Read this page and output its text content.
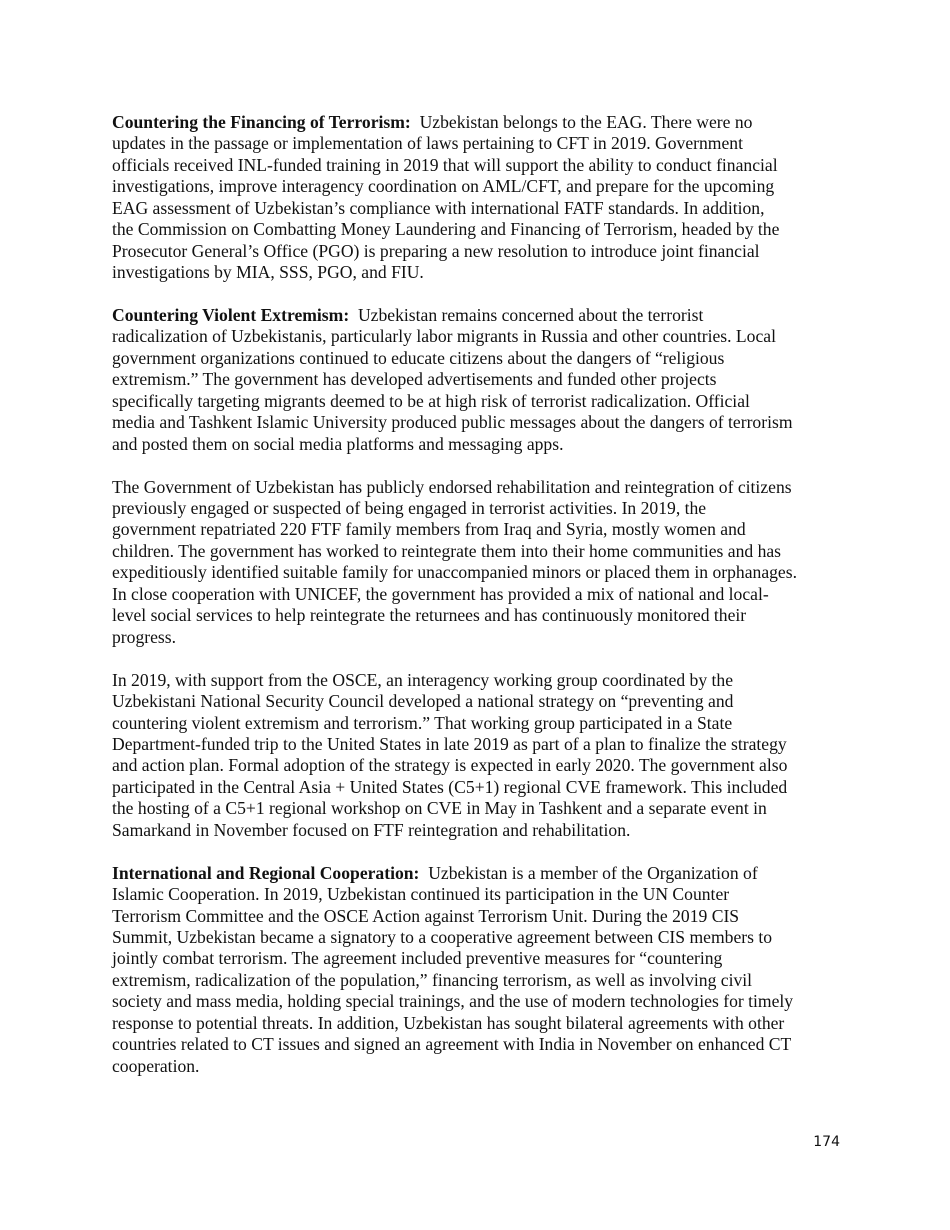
Countering the Financing of Terrorism: Uzbekistan belongs to the EAG. There were no
updates in the passage or implementation of laws pertaining to CFT in 2019. Government
officials received INL-funded training in 2019 that will support the ability to conduct financial
investigations, improve interagency coordination on AML/CFT, and prepare for the upcoming
EAG assessment of Uzbekistan’s compliance with international FATF standards. In addition,
the Commission on Combatting Money Laundering and Financing of Terrorism, headed by the
Prosecutor General’s Office (PGO) is preparing a new resolution to introduce joint financial
investigations by MIA, SSS, PGO, and FIU.
Countering Violent Extremism: Uzbekistan remains concerned about the terrorist
radicalization of Uzbekistanis, particularly labor migrants in Russia and other countries. Local
government organizations continued to educate citizens about the dangers of “religious
extremism.” The government has developed advertisements and funded other projects
specifically targeting migrants deemed to be at high risk of terrorist radicalization. Official
media and Tashkent Islamic University produced public messages about the dangers of terrorism
and posted them on social media platforms and messaging apps.
The Government of Uzbekistan has publicly endorsed rehabilitation and reintegration of citizens
previously engaged or suspected of being engaged in terrorist activities. In 2019, the
government repatriated 220 FTF family members from Iraq and Syria, mostly women and
children. The government has worked to reintegrate them into their home communities and has
expeditiously identified suitable family for unaccompanied minors or placed them in orphanages.
In close cooperation with UNICEF, the government has provided a mix of national and local-
level social services to help reintegrate the returnees and has continuously monitored their
progress.
In 2019, with support from the OSCE, an interagency working group coordinated by the
Uzbekistani National Security Council developed a national strategy on “preventing and
countering violent extremism and terrorism.” That working group participated in a State
Department-funded trip to the United States in late 2019 as part of a plan to finalize the strategy
and action plan. Formal adoption of the strategy is expected in early 2020. The government also
participated in the Central Asia + United States (C5+1) regional CVE framework. This included
the hosting of a C5+1 regional workshop on CVE in May in Tashkent and a separate event in
Samarkand in November focused on FTF reintegration and rehabilitation.
International and Regional Cooperation: Uzbekistan is a member of the Organization of
Islamic Cooperation. In 2019, Uzbekistan continued its participation in the UN Counter
Terrorism Committee and the OSCE Action against Terrorism Unit. During the 2019 CIS
Summit, Uzbekistan became a signatory to a cooperative agreement between CIS members to
jointly combat terrorism. The agreement included preventive measures for “countering
extremism, radicalization of the population,” financing terrorism, as well as involving civil
society and mass media, holding special trainings, and the use of modern technologies for timely
response to potential threats. In addition, Uzbekistan has sought bilateral agreements with other
countries related to CT issues and signed an agreement with India in November on enhanced CT
cooperation.
174
